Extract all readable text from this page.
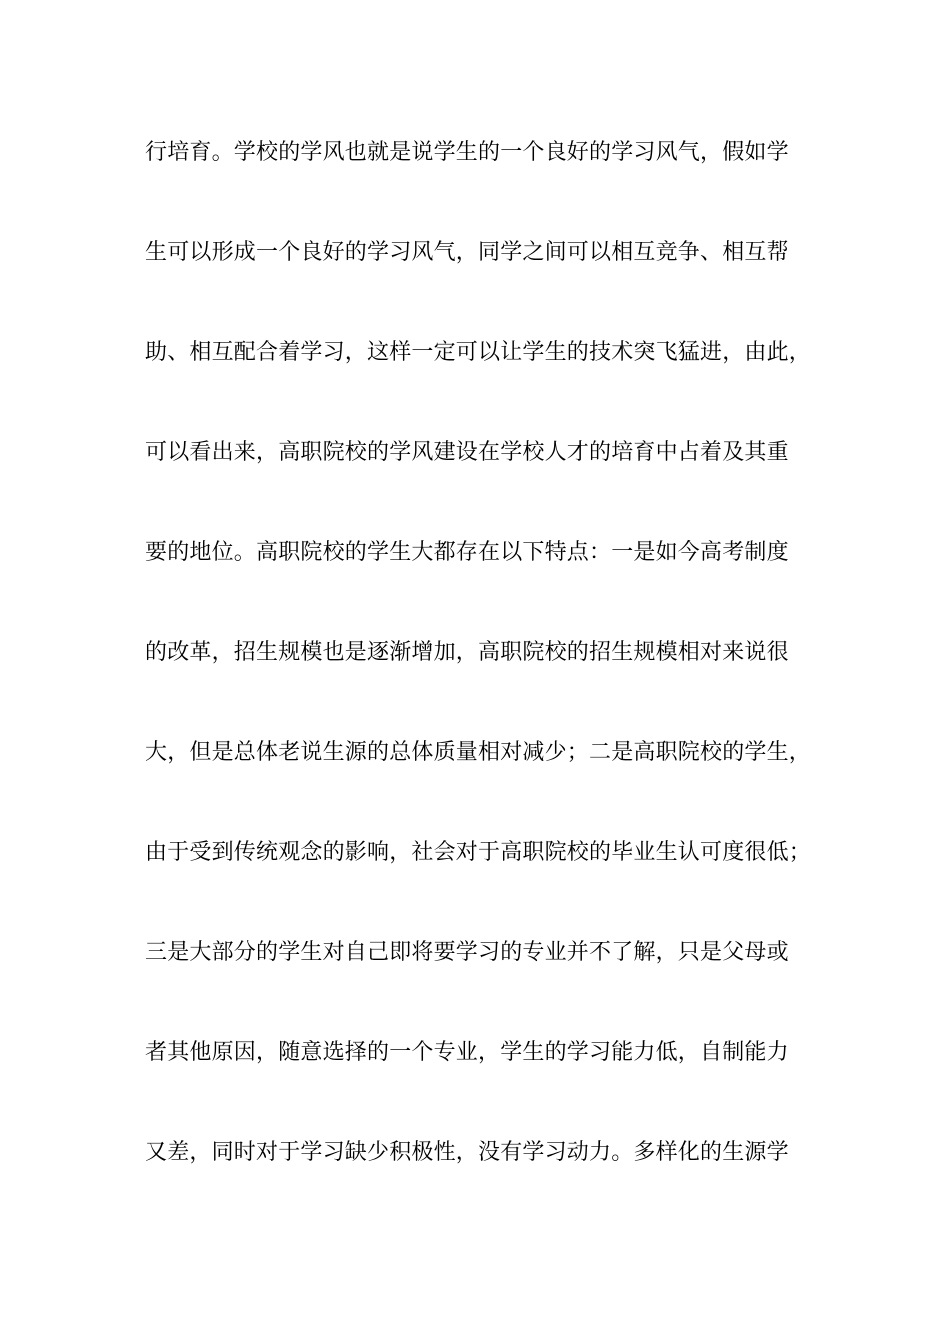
行培育。学校的学风也就是说学生的一个良好的学习风气，假如学
生可以形成一个良好的学习风气，同学之间可以相互竞争、相互帮
助、相互配合着学习，这样一定可以让学生的技术突飞猛进，由此，
可以看出来，高职院校的学风建设在学校人才的培育中占着及其重
要的地位。高职院校的学生大都存在以下特点：一是如今高考制度
的改革，招生规模也是逐渐增加，高职院校的招生规模相对来说很
大，但是总体老说生源的总体质量相对减少；二是高职院校的学生，
由于受到传统观念的影响，社会对于高职院校的毕业生认可度很低；
三是大部分的学生对自己即将要学习的专业并不了解，只是父母或
者其他原因，随意选择的一个专业，学生的学习能力低，自制能力
又差，同时对于学习缺少积极性，没有学习动力。多样化的生源学
